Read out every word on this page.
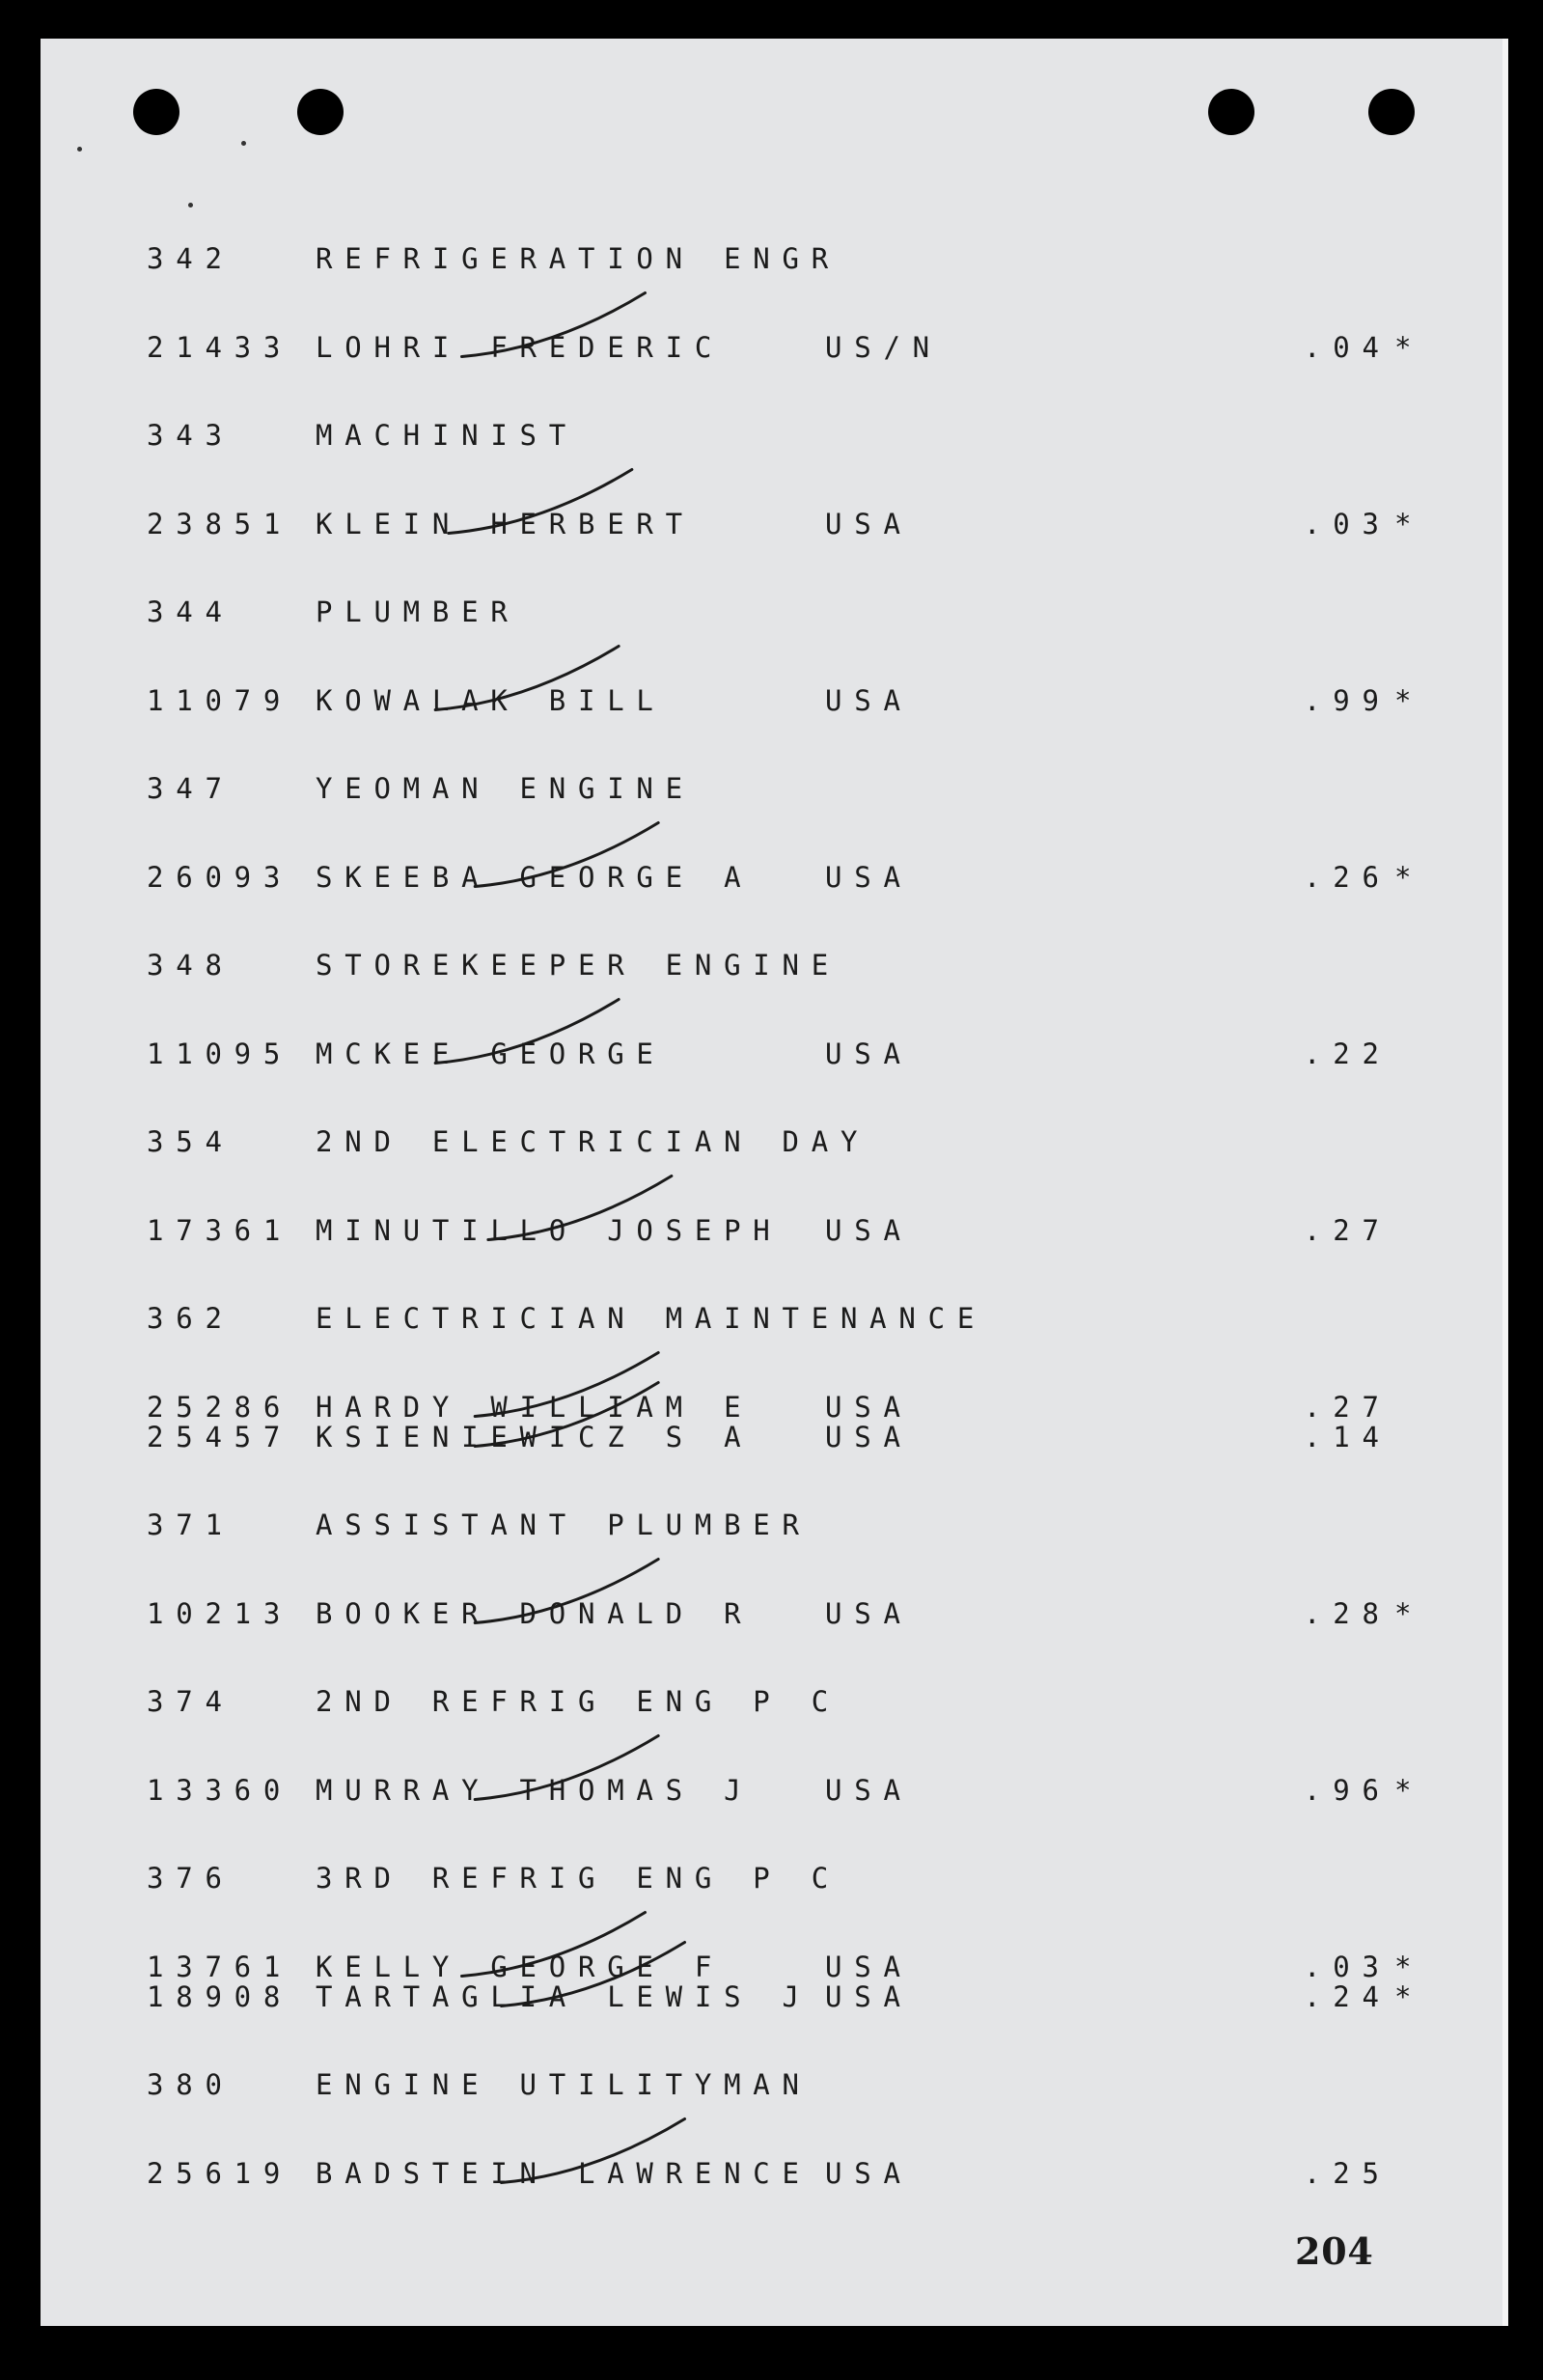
342	REFRIGERATION ENGR
21433 LOHRI FREDERIC	US/N	.04 *
343	MACHINIST
23851 KLEIN HERBERT	USA	.03 *
344	PLUMBER
11079 KOWALAK BILL	USA	.99 *
347	YEOMAN ENGINE
26093 SKEEBA GEORGE A	USA	.26 *
348	STOREKEEPER ENGINE
11095 MCKEE GEORGE	USA	.22
354	2ND ELECTRICIAN DAY
17361 MINUTILLO JOSEPH USA	.27
362	ELECTRICIAN MAINTENANCE
25286 HARDY WILLIAM E	USA	.27
25457 KSIENIEWICZ S A	USA	.14
371	ASSISTANT PLUMBER
10213 BOOKER DONALD R	USA	.28 *
374	2ND REFRIG ENG P C
13360 MURRAY THOMAS J	USA	.96 *
376	3RD REFRIG ENG P C
13761 KELLY GEORGE F	USA	.03 *
18908 TARTAGLIA LEWIS J USA	.24 *
380	ENGINE UTILITYMAN
25619 BADSTEIN LAWRENCE USA	.25
204
